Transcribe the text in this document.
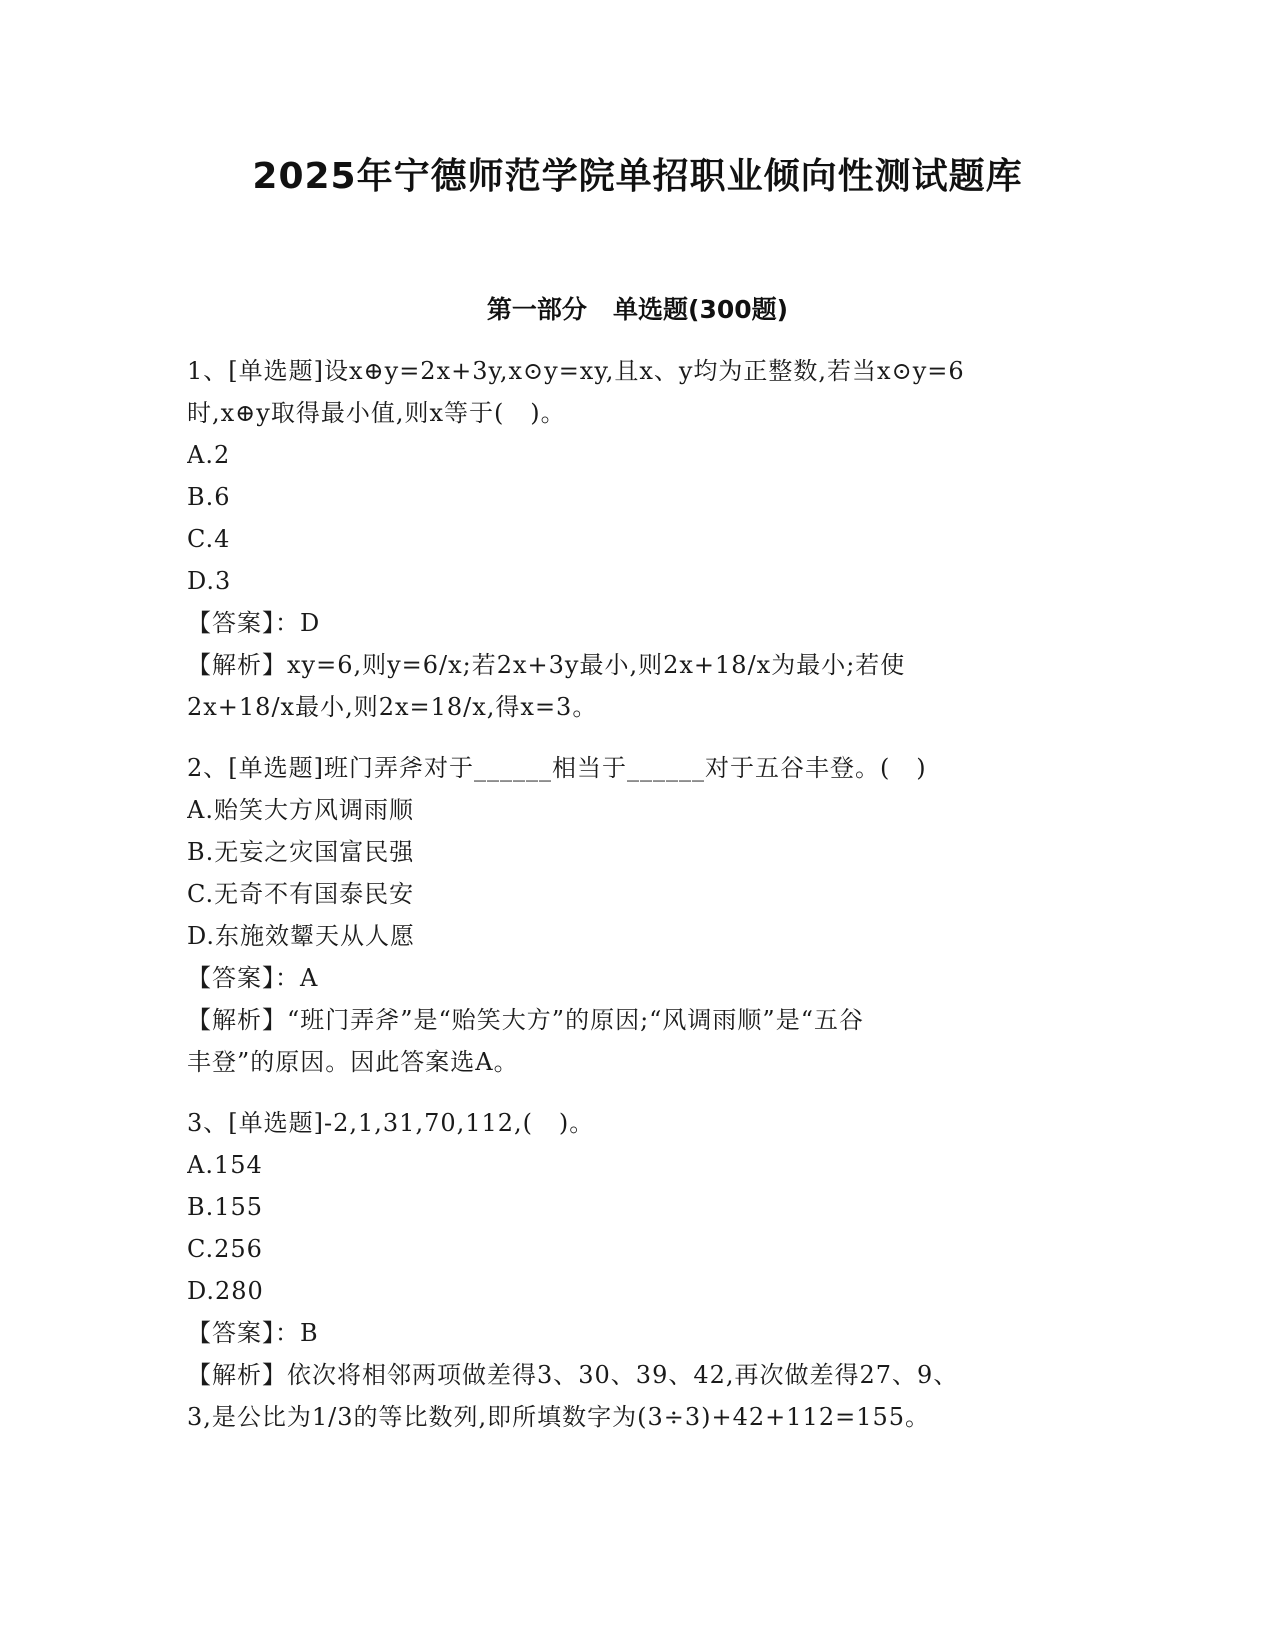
2025年宁德师范学院单招职业倾向性测试题库
第一部分   单选题(300题)
1、[单选题]设x⊕y=2x+3y,x⊙y=xy,且x、y均为正整数,若当x⊙y=6
时,x⊕y取得最小值,则x等于(   )。
A.2
B.6
C.4
D.3
【答案】：D
【解析】xy=6,则y=6/x;若2x+3y最小,则2x+18/x为最小;若使
2x+18/x最小,则2x=18/x,得x=3。
2、[单选题]班门弄斧对于______相当于______对于五谷丰登。(   )
A.贻笑大方风调雨顺
B.无妄之灾国富民强
C.无奇不有国泰民安
D.东施效颦天从人愿
【答案】：A
【解析】“班门弄斧”是“贻笑大方”的原因;“风调雨顺”是“五谷
丰登”的原因。因此答案选A。
3、[单选题]-2,1,31,70,112,(   )。
A.154
B.155
C.256
D.280
【答案】：B
【解析】依次将相邻两项做差得3、30、39、42,再次做差得27、9、
3,是公比为1/3的等比数列,即所填数字为(3÷3)+42+112=155。
